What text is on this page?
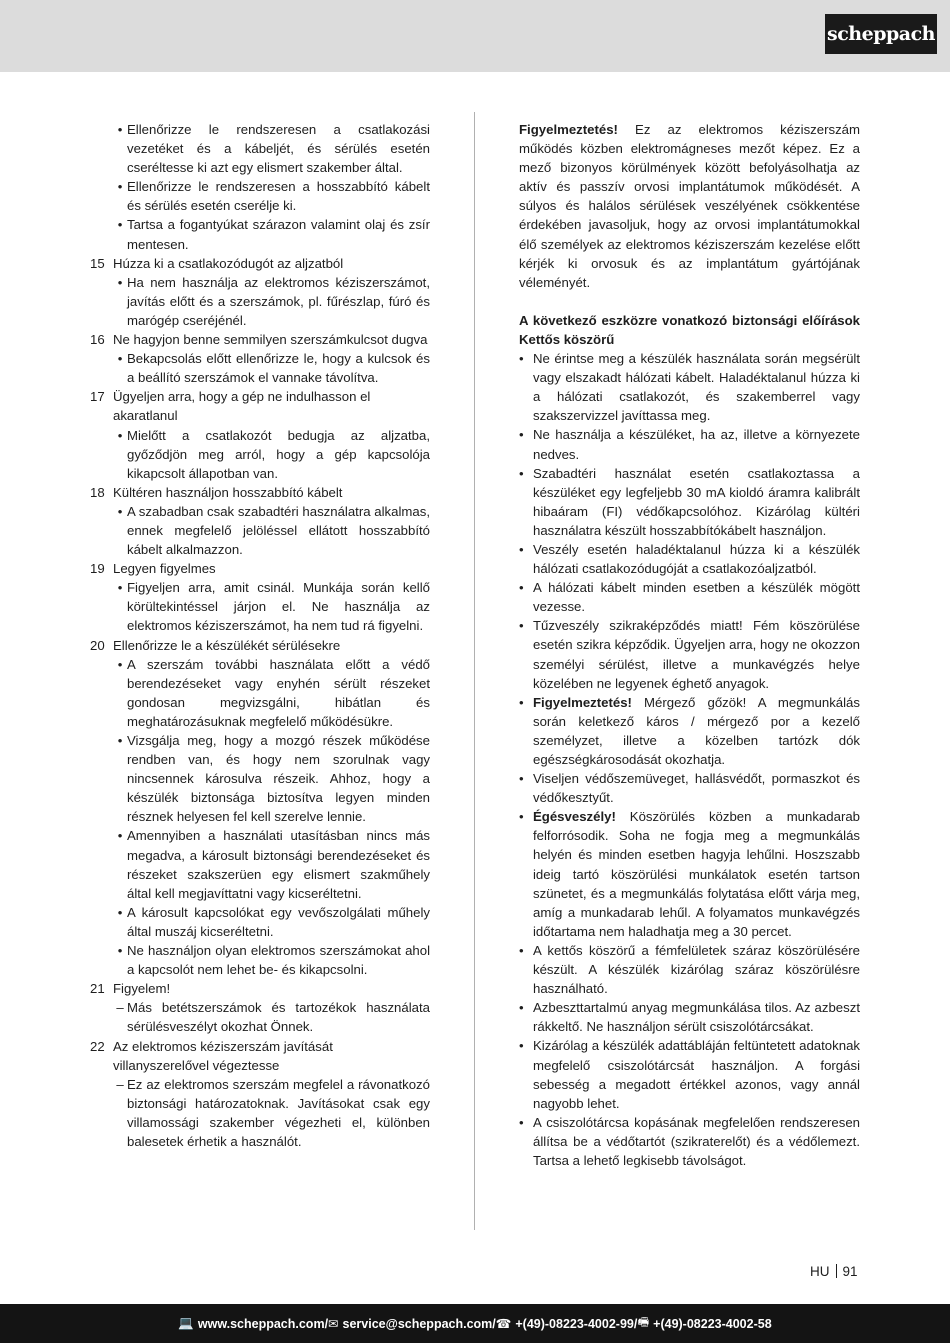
scheppach
• Ellenőrizze le rendszeresen a csatlakozási vezetéket és a kábeljét, és sérülés esetén cseréltesse ki azt egy elismert szakember által.
• Ellenőrizze le rendszeresen a hosszabbító kábelt és sérülés esetén cserélje ki.
• Tartsa a fogantyúkat szárazon valamint olaj és zsír mentesen.
15 Húzza ki a csatlakozódugót az aljzatból
• Ha nem használja az elektromos kéziszerszámot, javítás előtt és a szerszámok, pl. fűrészlap, fúró és marógép cseréjénél.
16 Ne hagyjon benne semmilyen szerszámkulcsot dugva
• Bekapcsolás előtt ellenőrizze le, hogy a kulcsok és a beállító szerszámok el vannake távolítva.
17 Ügyeljen arra, hogy a gép ne indulhasson el akaratlanul
• Mielőtt a csatlakozót bedugja az aljzatba, győződjön meg arról, hogy a gép kapcsolója kikapcsolt állapotban van.
18 Kültéren használjon hosszabbító kábelt
• A szabadban csak szabadtéri használatra alkalmas, ennek megfelelő jelöléssel ellátott hosszabbító kábelt alkalmazzon.
19 Legyen figyelmes
• Figyeljen arra, amit csinál. Munkája során kellő körültekintéssel járjon el. Ne használja az elektromos kéziszerszámot, ha nem tud rá figyelni.
20 Ellenőrizze le a készülékét sérülésekre
• A szerszám további használata előtt a védő berendezéseket vagy enyhén sérült részeket gondosan megvizsgálni, hibátlan és meghatározásuknak megfelelő működésükre.
• Vizsgálja meg, hogy a mozgó részek működése rendben van, és hogy nem szorulnak vagy nincsennek károsulva részeik. Ahhoz, hogy a készülék biztonsága biztosítva legyen minden résznek helyesen fel kell szerelve lennie.
• Amennyiben a használati utasításban nincs más megadva, a károsult biztonsági berendezéseket és részeket szakszerüen egy elismert szakműhely által kell megjavíttatni vagy kicseréltetni.
• A károsult kapcsolókat egy vevőszolgálati műhely által muszáj kicseréltetni.
• Ne használjon olyan elektromos szerszámokat ahol a kapcsolót nem lehet be- és kikapcsolni.
21 Figyelem!
– Más betétszerszámok és tartozékok használata sérülésveszélyt okozhat Önnek.
22 Az elektromos kéziszerszám javítását villanyszerelővel végeztesse
– Ez az elektromos szerszám megfelel a rávonatkozó biztonsági határozatoknak. Javításokat csak egy villamossági szakember végezheti el, különben balesetek érhetik a használót.
Figyelmeztetés! Ez az elektromos kéziszerszám működés közben elektromágneses mezőt képez. Ez a mező bizonyos körülmények között befolyásolhatja az aktív és passzív orvosi implantátumok működését. A súlyos és halálos sérülések veszélyének csökkentése érdekében javasoljuk, hogy az orvosi implantátumokkal élő személyek az elektromos kéziszerszám kezelése előtt kérjék ki orvosuk és az implantátum gyártójának véleményét.
A következő eszközre vonatkozó biztonsági előírások Kettős köszörű
• Ne érintse meg a készülék használata során megsérült vagy elszakadt hálózati kábelt. Haladéktalanul húzza ki a hálózati csatlakozót, és szakemberrel vagy szakszervizzel javíttassa meg.
• Ne használja a készüléket, ha az, illetve a környezete nedves.
• Szabadtéri használat esetén csatlakoztassa a készüléket egy legfeljebb 30 mA kioldó áramra kalibrált hibaáram (FI) védőkapcsolóhoz. Kizárólag kültéri használatra készült hosszabbítókábelt használjon.
• Veszély esetén haladéktalanul húzza ki a készülék hálózati csatlakozódugóját a csatlakozóaljzatból.
• A hálózati kábelt minden esetben a készülék mögött vezesse.
• Tűzveszély szikraképződés miatt! Fém köszörülése esetén szikra képződik. Ügyeljen arra, hogy ne okozzon személyi sérülést, illetve a munkavégzés helye közelében ne legyenek éghető anyagok.
• Figyelmeztetés! Mérgező gőzök! A megmunkálás során keletkező káros / mérgező por a kezelő személyzet, illetve a közelben tartózk dók egészségkárosodását okozhatja.
• Viseljen védőszemüveget, hallásvédőt, pormaszkot és védőkesztyűt.
• Égésveszély! Köszörülés közben a munkadarab felforrósodik. Soha ne fogja meg a megmunkálás helyén és minden esetben hagyja lehűlni. Hoszszabb ideig tartó köszörülési munkálatok esetén tartson szünetet, és a megmunkálás folytatása előtt várja meg, amíg a munkadarab lehűl. A folyamatos munkavégzés időtartama nem haladhatja meg a 30 percet.
• A kettős köszörű a fémfelületek száraz köszörülésére készült. A készülék kizárólag száraz köszörülésre használható.
• Azbeszttartalmú anyag megmunkálása tilos. Az azbeszt rákkeltő. Ne használjon sérült csiszolótárcsákat.
• Kizárólag a készülék adattábláján feltüntetett adatoknak megfelelő csiszolótárcsát használjon. A forgási sebesség a megadott értékkel azonos, vagy annál nagyobb lehet.
• A csiszolótárcsa kopásának megfelelően rendszeresen állítsa be a védőtartót (szikraterelőt) és a védőlemezt. Tartsa a lehető legkisebb távolságot.
HU 91
💻 www.scheppach.com / ✉ service@scheppach.com / ☎ +(49)-08223-4002-99 / 🖷 +(49)-08223-4002-58
